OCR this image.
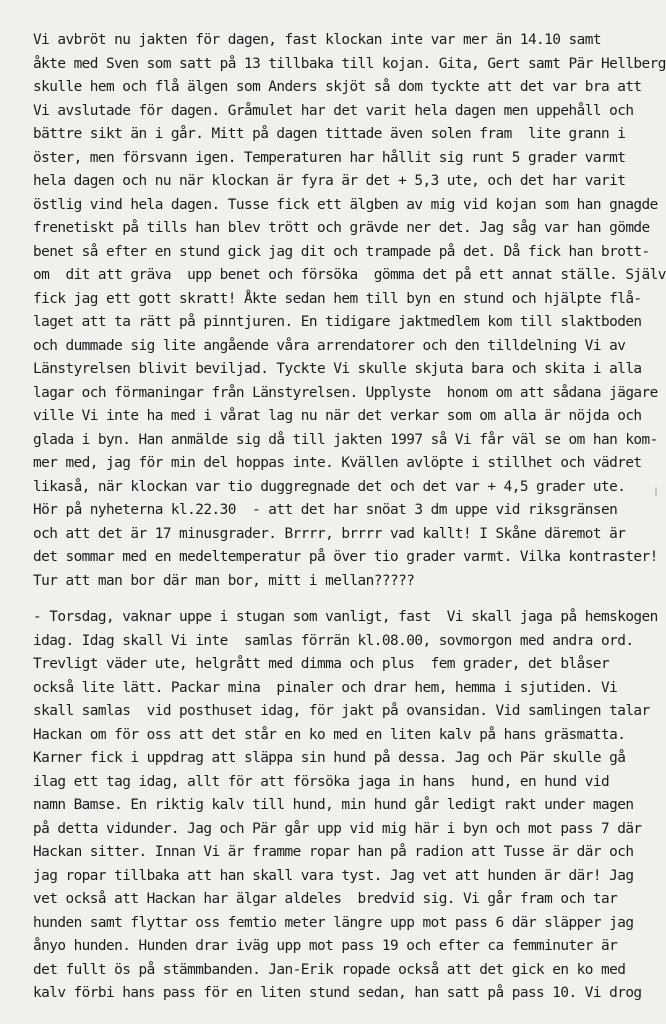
Vi avbröt nu jakten för dagen, fast klockan inte var mer än 14.10 samt
åkte med Sven som satt på 13 tillbaka till kojan. Gita, Gert samt Pär Hellberg
skulle hem och flå älgen som Anders skjöt så dom tyckte att det var bra att
Vi avslutade för dagen. Gråmulet har det varit hela dagen men uppehåll och
bättre sikt än i går. Mitt på dagen tittade även solen fram  lite grann i
öster, men försvann igen. Temperaturen har hållit sig runt 5 grader varmt
hela dagen och nu när klockan är fyra är det + 5,3 ute, och det har varit
östlig vind hela dagen. Tusse fick ett älgben av mig vid kojan som han gnagde
frenetiskt på tills han blev trött och grävde ner det. Jag såg var han gömde
benet så efter en stund gick jag dit och trampade på det. Då fick han brott-
om  dit att gräva  upp benet och försöka  gömma det på ett annat ställe. Själv
fick jag ett gott skratt! Åkte sedan hem till byn en stund och hjälpte flå-
laget att ta rätt på pinntjuren. En tidigare jaktmedlem kom till slaktboden
och dummade sig lite angående våra arrendatorer och den tilldelning Vi av
Länstyrelsen blivit beviljad. Tyckte Vi skulle skjuta bara och skita i alla
lagar och förmaningar från Länstyrelsen. Upplyste  honom om att sådana jägare
ville Vi inte ha med i vårat lag nu när det verkar som om alla är nöjda och
glada i byn. Han anmälde sig då till jakten 1997 så Vi får väl se om han kom-
mer med, jag för min del hoppas inte. Kvällen avlöpte i stillhet och vädret
likaså, när klockan var tio duggregnade det och det var + 4,5 grader ute.
Hör på nyheterna kl.22.30  - att det har snöat 3 dm uppe vid riksgränsen
och att det är 17 minusgrader. Brrrr, brrrr vad kallt! I Skåne däremot är
det sommar med en medeltemperatur på över tio grader varmt. Vilka kontraster!
Tur att man bor där man bor, mitt i mellan?????
- Torsdag, vaknar uppe i stugan som vanligt, fast  Vi skall jaga på hemskogen
idag. Idag skall Vi inte  samlas förrän kl.08.00, sovmorgon med andra ord.
Trevligt väder ute, helgrått med dimma och plus  fem grader, det blåser
också lite lätt. Packar mina  pinaler och drar hem, hemma i sjutiden. Vi
skall samlas  vid posthuset idag, för jakt på ovansidan. Vid samlingen talar
Hackan om för oss att det står en ko med en liten kalv på hans gräsmatta.
Karner fick i uppdrag att släppa sin hund på dessa. Jag och Pär skulle gå
ilag ett tag idag, allt för att försöka jaga in hans  hund, en hund vid
namn Bamse. En riktig kalv till hund, min hund går ledigt rakt under magen
på detta vidunder. Jag och Pär går upp vid mig här i byn och mot pass 7 där
Hackan sitter. Innan Vi är framme ropar han på radion att Tusse är där och
jag ropar tillbaka att han skall vara tyst. Jag vet att hunden är där! Jag
vet också att Hackan har älgar aldeles  bredvid sig. Vi går fram och tar
hunden samt flyttar oss femtio meter längre upp mot pass 6 där släpper jag
ånyo hunden. Hunden drar iväg upp mot pass 19 och efter ca femminuter är
det fullt ös på stämmbanden. Jan-Erik ropade också att det gick en ko med
kalv förbi hans pass för en liten stund sedan, han satt på pass 10. Vi drog
